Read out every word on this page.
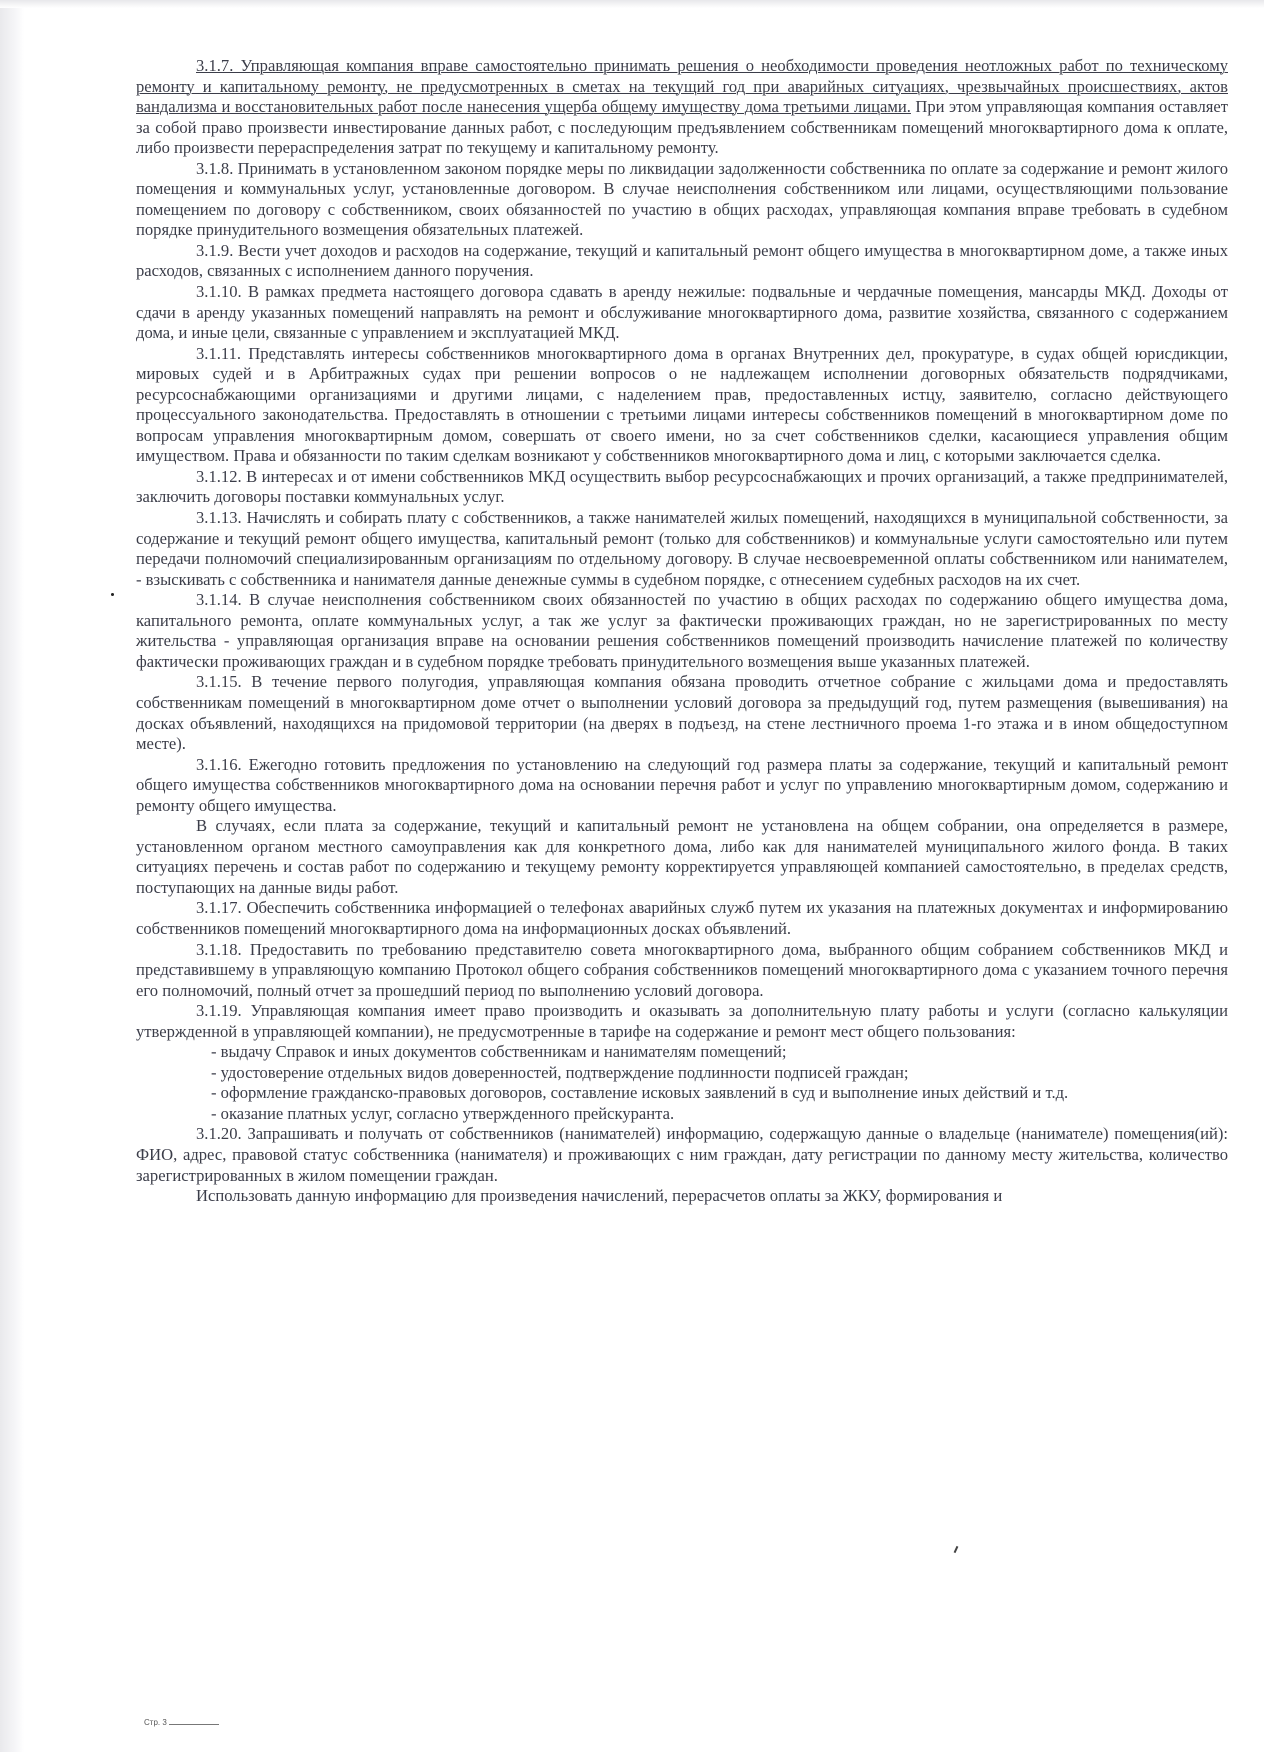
3.1.7. Управляющая компания вправе самостоятельно принимать решения о необходимости проведения неотложных работ по техническому ремонту и капитальному ремонту, не предусмотренных в сметах на текущий год при аварийных ситуациях, чрезвычайных происшествиях, актов вандализма и восстановительных работ после нанесения ущерба общему имуществу дома третьими лицами. При этом управляющая компания оставляет за собой право произвести инвестирование данных работ, с последующим предъявлением собственникам помещений многоквартирного дома к оплате, либо произвести перераспределения затрат по текущему и капитальному ремонту.

3.1.8. Принимать в установленном законом порядке меры по ликвидации задолженности собственника по оплате за содержание и ремонт жилого помещения и коммунальных услуг, установленные договором. В случае неисполнения собственником или лицами, осуществляющими пользование помещением по договору с собственником, своих обязанностей по участию в общих расходах, управляющая компания вправе требовать в судебном порядке принудительного возмещения обязательных платежей.

3.1.9. Вести учет доходов и расходов на содержание, текущий и капитальный ремонт общего имущества в многоквартирном доме, а также иных расходов, связанных с исполнением данного поручения.

3.1.10. В рамках предмета настоящего договора сдавать в аренду нежилые: подвальные и чердачные помещения, мансарды МКД. Доходы от сдачи в аренду указанных помещений направлять на ремонт и обслуживание многоквартирного дома, развитие хозяйства, связанного с содержанием дома, и иные цели, связанные с управлением и эксплуатацией МКД.

3.1.11. Представлять интересы собственников многоквартирного дома в органах Внутренних дел, прокуратуре, в судах общей юрисдикции, мировых судей и в Арбитражных судах при решении вопросов о не надлежащем исполнении договорных обязательств подрядчиками, ресурсоснабжающими организациями и другими лицами, с наделением прав, предоставленных истцу, заявителю, согласно действующего процессуального законодательства. Предоставлять в отношении с третьими лицами интересы собственников помещений в многоквартирном доме по вопросам управления многоквартирным домом, совершать от своего имени, но за счет собственников сделки, касающиеся управления общим имуществом. Права и обязанности по таким сделкам возникают у собственников многоквартирного дома и лиц, с которыми заключается сделка.

3.1.12. В интересах и от имени собственников МКД осуществить выбор ресурсоснабжающих и прочих организаций, а также предпринимателей, заключить договоры поставки коммунальных услуг.

3.1.13. Начислять и собирать плату с собственников, а также нанимателей жилых помещений, находящихся в муниципальной собственности, за содержание и текущий ремонт общего имущества, капитальный ремонт (только для собственников) и коммунальные услуги самостоятельно или путем передачи полномочий специализированным организациям по отдельному договору. В случае несвоевременной оплаты собственником или нанимателем, - взыскивать с собственника и нанимателя данные денежные суммы в судебном порядке, с отнесением судебных расходов на их счет.

3.1.14. В случае неисполнения собственником своих обязанностей по участию в общих расходах по содержанию общего имущества дома, капитального ремонта, оплате коммунальных услуг, а так же услуг за фактически проживающих граждан, но не зарегистрированных по месту жительства - управляющая организация вправе на основании решения собственников помещений производить начисление платежей по количеству фактически проживающих граждан и в судебном порядке требовать принудительного возмещения выше указанных платежей.

3.1.15. В течение первого полугодия, управляющая компания обязана проводить отчетное собрание с жильцами дома и предоставлять собственникам помещений в многоквартирном доме отчет о выполнении условий договора за предыдущий год, путем размещения (вывешивания) на досках объявлений, находящихся на придомовой территории (на дверях в подъезд, на стене лестничного проема 1-го этажа и в ином общедоступном месте).

3.1.16. Ежегодно готовить предложения по установлению на следующий год размера платы за содержание, текущий и капитальный ремонт общего имущества собственников многоквартирного дома на основании перечня работ и услуг по управлению многоквартирным домом, содержанию и ремонту общего имущества.

В случаях, если плата за содержание, текущий и капитальный ремонт не установлена на общем собрании, она определяется в размере, установленном органом местного самоуправления как для конкретного дома, либо как для нанимателей муниципального жилого фонда. В таких ситуациях перечень и состав работ по содержанию и текущему ремонту корректируется управляющей компанией самостоятельно, в пределах средств, поступающих на данные виды работ.

3.1.17. Обеспечить собственника информацией о телефонах аварийных служб путем их указания на платежных документах и информированию собственников помещений многоквартирного дома на информационных досках объявлений.

3.1.18. Предоставить по требованию представителю совета многоквартирного дома, выбранного общим собранием собственников МКД и представившему в управляющую компанию Протокол общего собрания собственников помещений многоквартирного дома с указанием точного перечня его полномочий, полный отчет за прошедший период по выполнению условий договора.

3.1.19. Управляющая компания имеет право производить и оказывать за дополнительную плату работы и услуги (согласно калькуляции утвержденной в управляющей компании), не предусмотренные в тарифе на содержание и ремонт мест общего пользования:

- выдачу Справок и иных документов собственникам и нанимателям помещений;

- удостоверение отдельных видов доверенностей, подтверждение подлинности подписей граждан;

- оформление гражданско-правовых договоров, составление исковых заявлений в суд и выполнение иных действий и т.д.

- оказание платных услуг, согласно утвержденного прейскуранта.

3.1.20. Запрашивать и получать от собственников (нанимателей) информацию, содержащую данные о владельце (нанимателе) помещения(ий): ФИО, адрес, правовой статус собственника (нанимателя) и проживающих с ним граждан, дату регистрации по данному месту жительства, количество зарегистрированных в жилом помещении граждан.

Использовать данную информацию для произведения начислений, перерасчетов оплаты за ЖКУ, формирования и

Стр. 3
